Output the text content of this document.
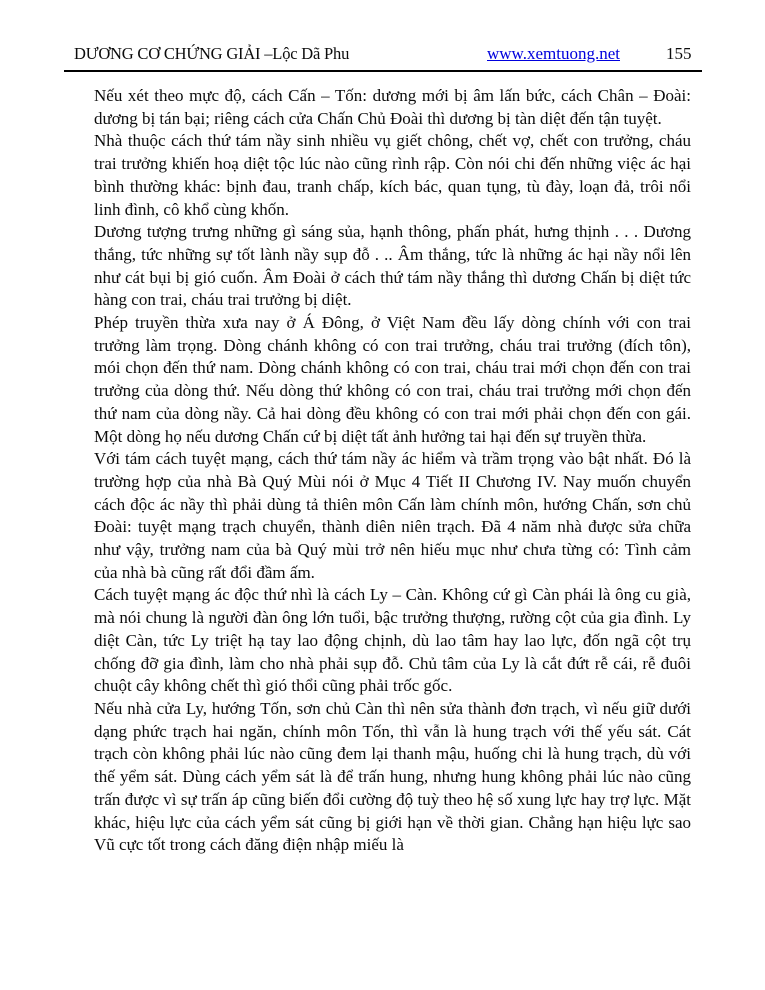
DƯƠNG CƠ CHỨNG GIẢI –Lộc Dã Phu	www.xemtuong.net	155

Nếu xét theo mực độ, cách Cấn – Tốn: dương mới bị âm lấn bức, cách Chân – Đoài: dương bị tán bại; riêng cách cửa Chấn Chủ Đoài thì dương bị tàn diệt đến tận tuyệt.

Nhà thuộc cách thứ tám nầy sinh nhiều vụ giết chông, chết vợ, chết con trưởng, cháu trai trưởng khiến hoạ diệt tộc lúc nào cũng rình rập. Còn nói chi đến những việc ác hại bình thường khác: bịnh đau, tranh chấp, kích bác, quan tụng, tù đày, loạn đả, trôi nổi linh đình, cô khổ cùng khốn.

Dương tượng trưng những gì sáng sủa, hạnh thông, phấn phát, hưng thịnh . . . Dương thắng, tức những sự tốt lành nầy sụp đỗ . .. Âm thắng, tức là những ác hại nầy nổi lên như cát bụi bị gió cuốn. Âm Đoài ở cách thứ tám nầy thắng thì dương Chấn bị diệt tức hàng con trai, cháu trai trưởng bị diệt.

Phép truyền thừa xưa nay ở Á Đông, ở Việt Nam đều lấy dòng chính với con trai trưởng làm trọng. Dòng chánh không có con trai trưởng, cháu trai trưởng (đích tôn), mói chọn đến thứ nam. Dòng chánh không có con trai, cháu trai mới chọn đến con trai trưởng của dòng thứ. Nếu dòng thứ không có con trai, cháu trai trưởng mới chọn đến thứ nam của dòng nầy. Cả hai dòng đều không có con trai mới phải chọn đến con gái. Một dòng họ nếu dương Chấn cứ bị diệt tất ảnh hưởng tai hại đến sự truyền thừa.

Với tám cách tuyệt mạng, cách thứ tám nầy ác hiểm và trầm trọng vào bật nhất. Đó là trường hợp của nhà Bà Quý Mùi nói ở Mục 4 Tiết II Chương IV. Nay muốn chuyển cách độc ác nầy thì phải dùng tả thiên môn Cấn làm chính môn, hướng Chấn, sơn chủ Đoài: tuyệt mạng trạch chuyển, thành diên niên trạch. Đã 4 năm nhà được sửa chữa như vậy, trưởng nam của bà Quý mùi trở nên hiếu mục như chưa từng có: Tình cảm của nhà bà cũng rất đổi đầm ấm.

Cách tuyệt mạng ác độc thứ nhì là cách Ly – Càn. Không cứ gì Càn phái là ông cu già, mà nói chung là người đàn ông lớn tuổi, bậc trưởng thượng, rường cột của gia đình. Ly diệt Càn, tức Ly triệt hạ tay lao động chịnh, dù lao tâm hay lao lực, đốn ngã cột trụ chống đỡ gia đình, làm cho nhà phải sụp đỗ. Chủ tâm của Ly là cắt đứt rễ cái, rễ đuôi chuột cây không chết thì gió thổi cũng phải trốc gốc.

Nếu nhà cửa Ly, hướng Tốn, sơn chủ Càn thì nên sửa thành đơn trạch, vì nếu giữ dưới dạng phức trạch hai ngăn, chính môn Tốn, thì vẫn là hung trạch với thế yếu sát. Cát trạch còn không phải lúc nào cũng đem lại thanh mậu, huống chi là hung trạch, dù với thế yểm sát. Dùng cách yểm sát là để trấn hung, nhưng hung không phải lúc nào cũng trấn được vì sự trấn áp cũng biến đổi cường độ tuỳ theo hệ số xung lực hay trợ lực. Mặt khác, hiệu lực của cách yểm sát cũng bị giới hạn về thời gian. Chẳng hạn hiệu lực sao Vũ cực tốt trong cách đăng điện nhập miếu là
